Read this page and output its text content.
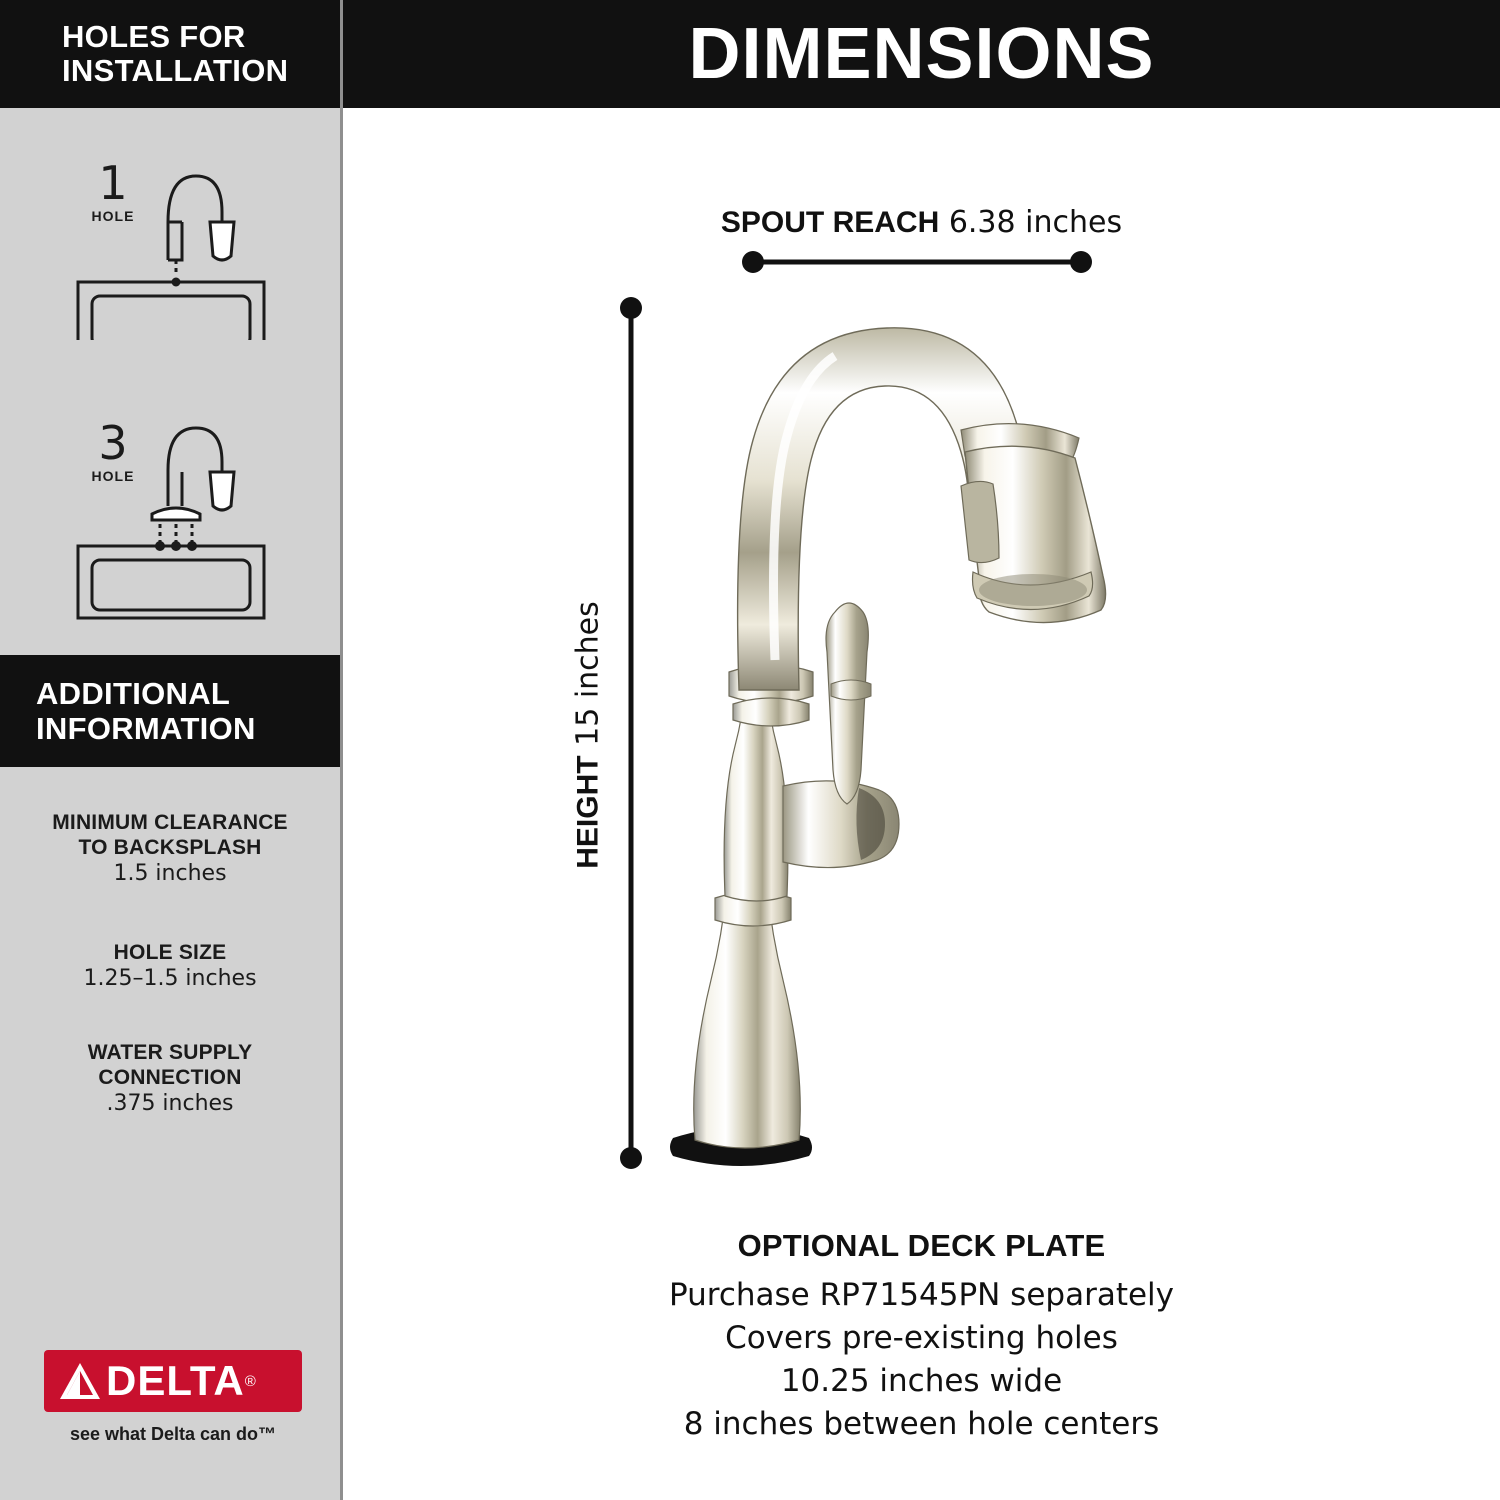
HOLES FOR
INSTALLATION
1
HOLE
3
HOLE
ADDITIONAL
INFORMATION
MINIMUM CLEARANCE
TO BACKSPLASH
1.5 inches
HOLE SIZE
1.25–1.5 inches
WATER SUPPLY
CONNECTION
.375 inches
DELTA ®
see what Delta can do™
DIMENSIONS
SPOUT REACH 6.38 inches
HEIGHT 15 inches
OPTIONAL DECK PLATE
Purchase RP71545PN separately
Covers pre-existing holes
10.25 inches wide
8 inches between hole centers
